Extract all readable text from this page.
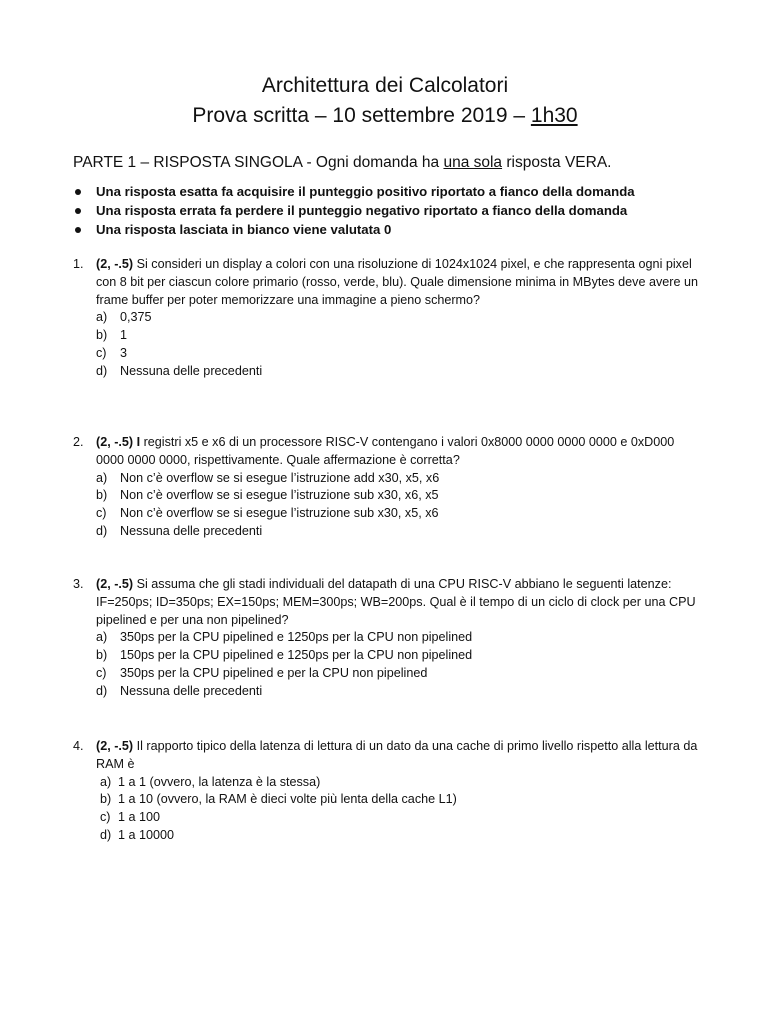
Architettura dei Calcolatori
Prova scritta – 10 settembre 2019 – 1h30
PARTE 1 – RISPOSTA SINGOLA - Ogni domanda ha una sola risposta VERA.
Una risposta esatta fa acquisire il punteggio positivo riportato a fianco della domanda
Una risposta errata fa perdere il punteggio negativo riportato a fianco della domanda
Una risposta lasciata in bianco viene valutata 0
1. (2, -.5) Si consideri un display a colori con una risoluzione di 1024x1024 pixel, e che rappresenta ogni pixel con 8 bit per ciascun colore primario (rosso, verde, blu). Quale dimensione minima in MBytes deve avere un frame buffer per poter memorizzare una immagine a pieno schermo?
a) 0,375
b) 1
c) 3
d) Nessuna delle precedenti
2. (2, -.5) I registri x5 e x6 di un processore RISC-V contengano i valori 0x8000 0000 0000 0000 e 0xD000 0000 0000 0000, rispettivamente. Quale affermazione è corretta?
a) Non c’è overflow se si esegue l’istruzione add x30, x5, x6
b) Non c’è overflow se si esegue l’istruzione sub x30, x6, x5
c) Non c’è overflow se si esegue l’istruzione sub x30, x5, x6
d) Nessuna delle precedenti
3. (2, -.5) Si assuma che gli stadi individuali del datapath di una CPU RISC-V abbiano le seguenti latenze: IF=250ps; ID=350ps; EX=150ps; MEM=300ps; WB=200ps. Qual è il tempo di un ciclo di clock per una CPU pipelined e per una non pipelined?
a) 350ps per la CPU pipelined e 1250ps per la CPU non pipelined
b) 150ps per la CPU pipelined e 1250ps per la CPU non pipelined
c) 350ps per la CPU pipelined e per la CPU non pipelined
d) Nessuna delle precedenti
4. (2, -.5) Il rapporto tipico della latenza di lettura di un dato da una cache di primo livello rispetto alla lettura da RAM è
a) 1 a 1 (ovvero, la latenza è la stessa)
b) 1 a 10 (ovvero, la RAM è dieci volte più lenta della cache L1)
c) 1 a 100
d) 1 a 10000
